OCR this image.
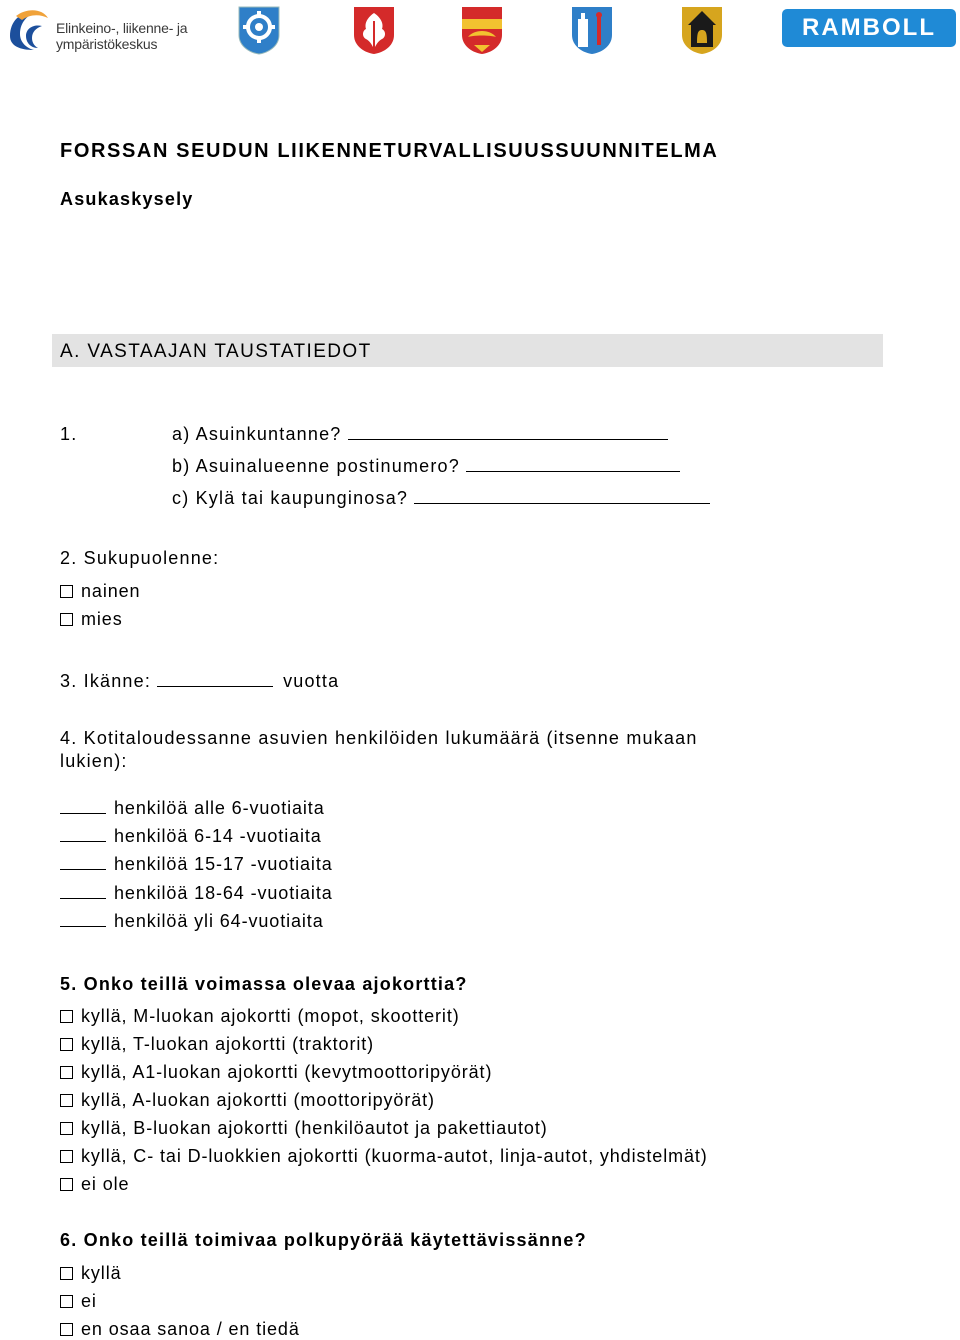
Elinkeino-, liikenne- ja
ympäristökeskus
RAMBOLL
FORSSAN SEUDUN LIIKENNETURVALLISUUSSUUNNITELMA
Asukaskysely
A. VASTAAJAN TAUSTATIEDOT
1.	a) Asuinkuntanne?
b) Asuinalueenne postinumero?
c) Kylä tai kaupunginosa?
2. Sukupuolenne:
nainen
mies
3. Ikänne:	vuotta
4. Kotitaloudessanne asuvien henkilöiden lukumäärä (itsenne mukaan
lukien):
henkilöä alle 6-vuotiaita
henkilöä 6-14 -vuotiaita
henkilöä 15-17 -vuotiaita
henkilöä 18-64 -vuotiaita
henkilöä yli 64-vuotiaita
5. Onko teillä voimassa olevaa ajokorttia?
kyllä, M-luokan ajokortti (mopot, skootterit)
kyllä, T-luokan ajokortti (traktorit)
kyllä, A1-luokan ajokortti (kevytmoottoripyörät)
kyllä, A-luokan ajokortti (moottoripyörät)
kyllä, B-luokan ajokortti (henkilöautot ja pakettiautot)
kyllä, C- tai D-luokkien ajokortti (kuorma-autot, linja-autot, yhdistelmät)
ei ole
6. Onko teillä toimivaa polkupyörää käytettävissänne?
kyllä
ei
en osaa sanoa / en tiedä
